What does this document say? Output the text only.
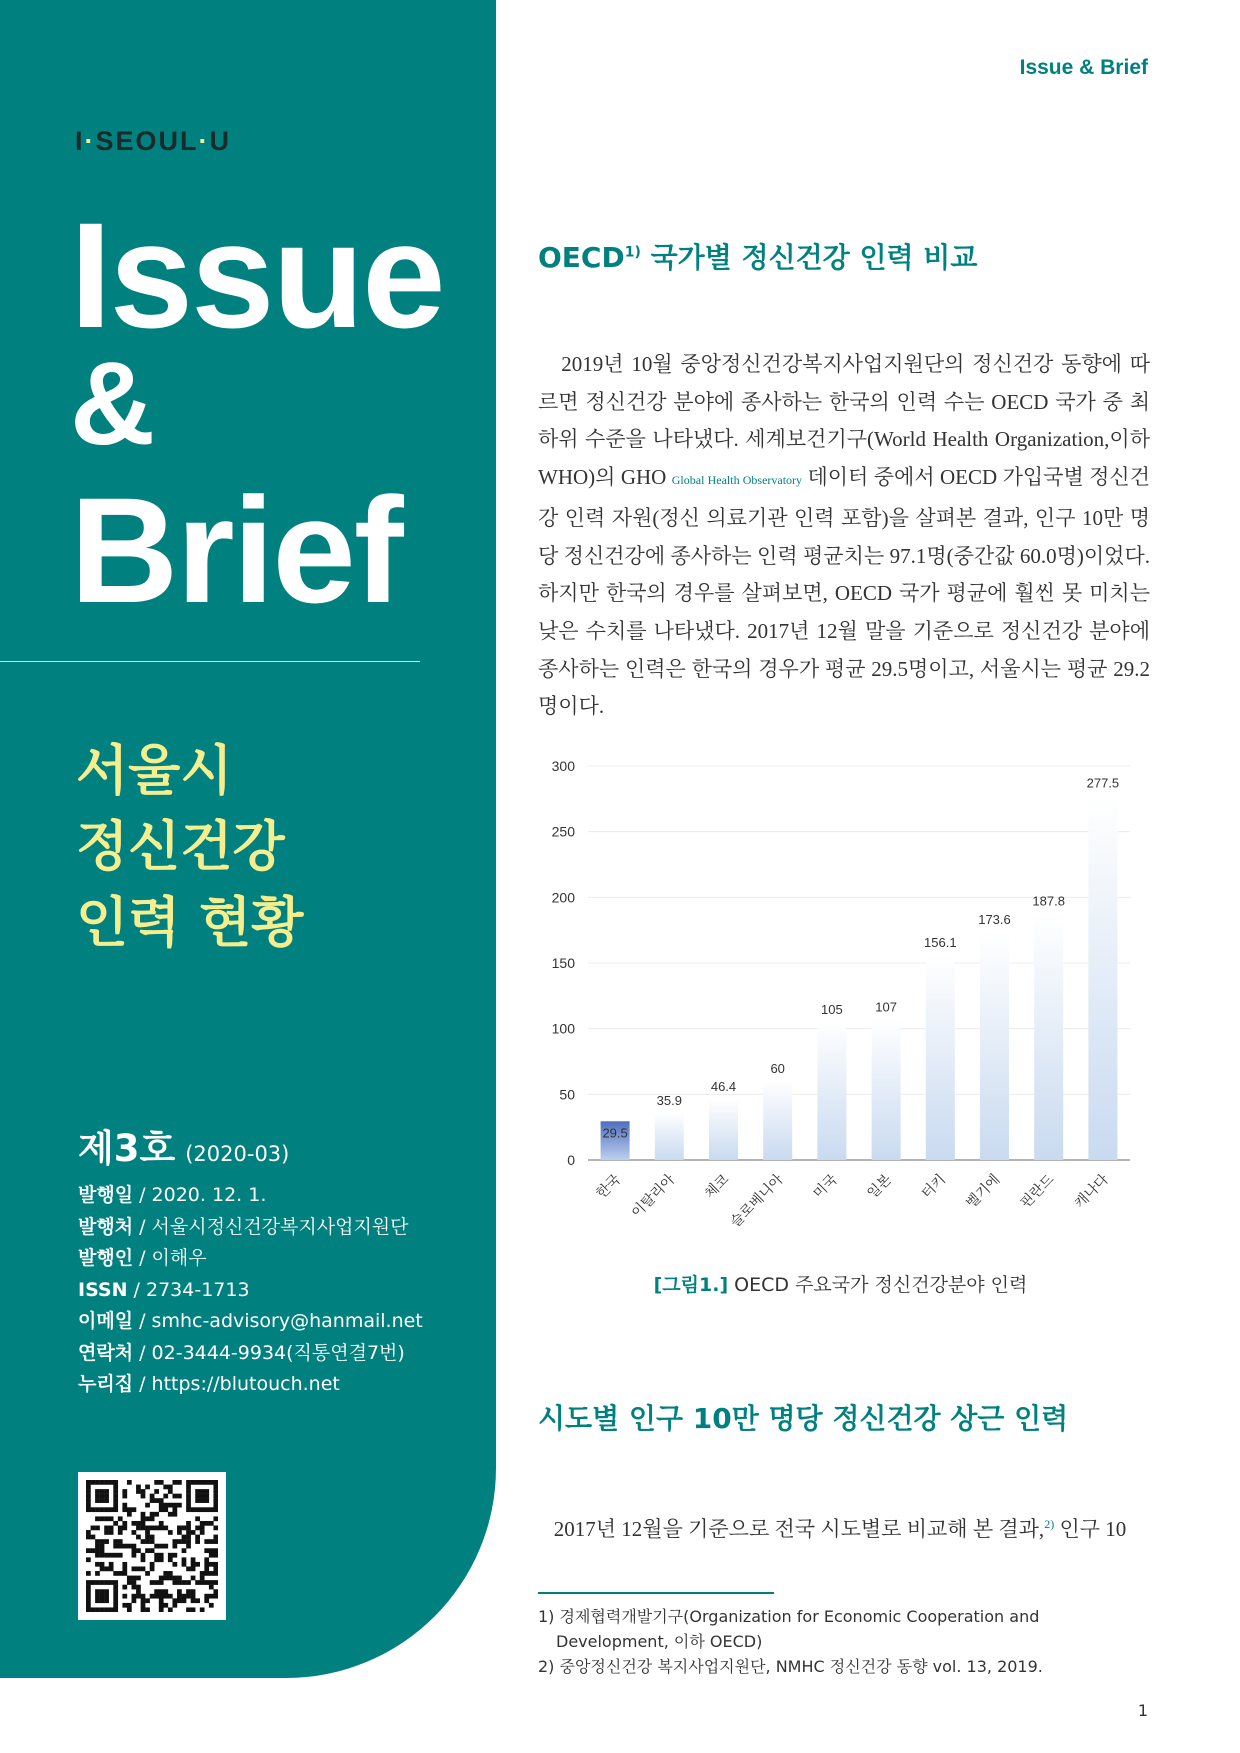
I·SEOUL·U
Issue
&
Brief
서울시
정신건강
인력 현황
제3호 (2020-03)
발행일 / 2020. 12. 1.
발행처 / 서울시정신건강복지사업지원단
발행인 / 이해우
ISSN / 2734-1713
이메일 / smhc-advisory@hanmail.net
연락처 / 02-3444-9934(직통연결7번)
누리집 / https://blutouch.net
Issue & Brief
OECD$^{1)}$ 국가별 정신건강 인력 비교
2019년 10월 중앙정신건강복지사업지원단의 정신건강 동향에 따르면 정신건강 분야에 종사하는 한국의 인력 수는 OECD 국가 중 최하위 수준을 나타냈다. 세계보건기구(World Health Organization,이하 WHO)의 GHO Global Health Observatory 데이터 중에서 OECD 가입국별 정신건강 인력 자원(정신 의료기관 인력 포함)을 살펴본 결과, 인구 10만 명당 정신건강에 종사하는 인력 평균치는 97.1명(중간값 60.0명)이었다. 하지만 한국의 경우를 살펴보면, OECD 국가 평균에 훨씬 못 미치는 낮은 수치를 나타냈다. 2017년 12월 말을 기준으로 정신건강 분야에 종사하는 인력은 한국의 경우가 평균 29.5명이고, 서울시는 평균 29.2명이다.
0
50
100
150
200
250
300
29.5
한국
35.9
이탈리아
46.4
체코
60
슬로베니아
105
미국
107
일본
156.1
터키
173.6
벨기에
187.8
핀란드
277.5
캐나다
[그림1.] OECD 주요국가 정신건강분야 인력
시도별 인구 10만 명당 정신건강 상근 인력
2017년 12월을 기준으로 전국 시도별로 비교해 본 결과,$^{2)}$ 인구 10
1) 경제협력개발기구(Organization for Economic Cooperation and Development, 이하 OECD)
2) 중앙정신건강 복지사업지원단, NMHC 정신건강 동향 vol. 13, 2019.
1
